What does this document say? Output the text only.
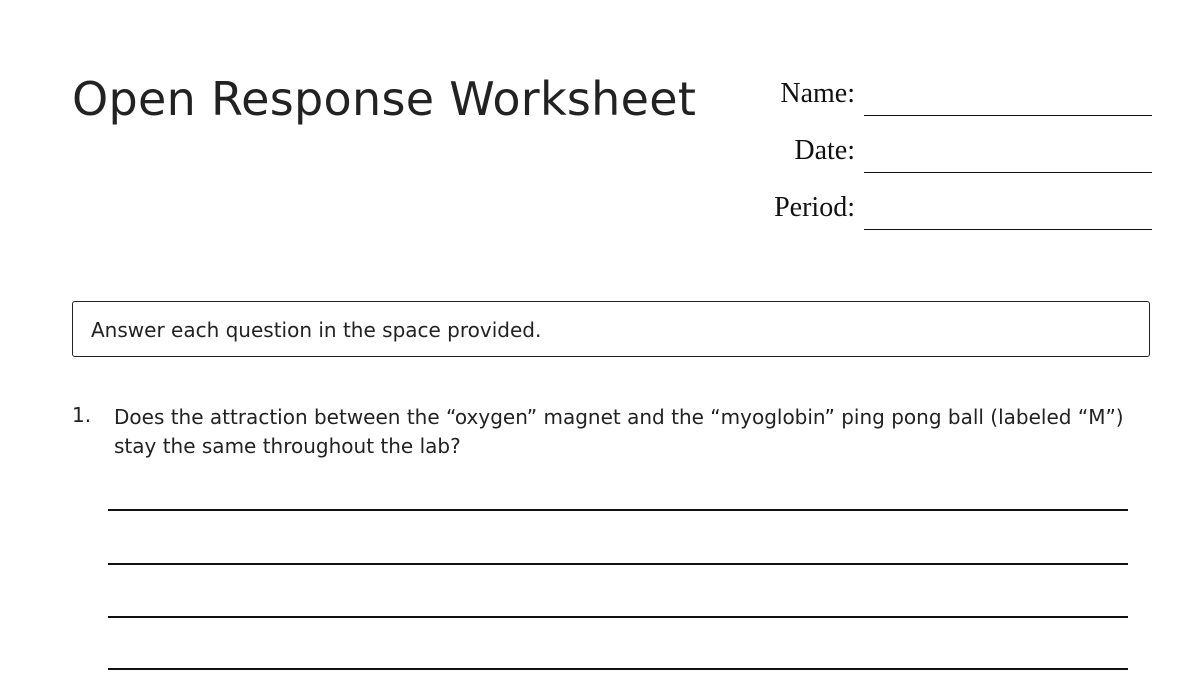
Open Response Worksheet	Name:
Date:
Period:
Answer each question in the space provided.
1. Does the attraction between the “oxygen” magnet and the “myoglobin” ping pong ball (labeled “M”) stay the same throughout the lab?
